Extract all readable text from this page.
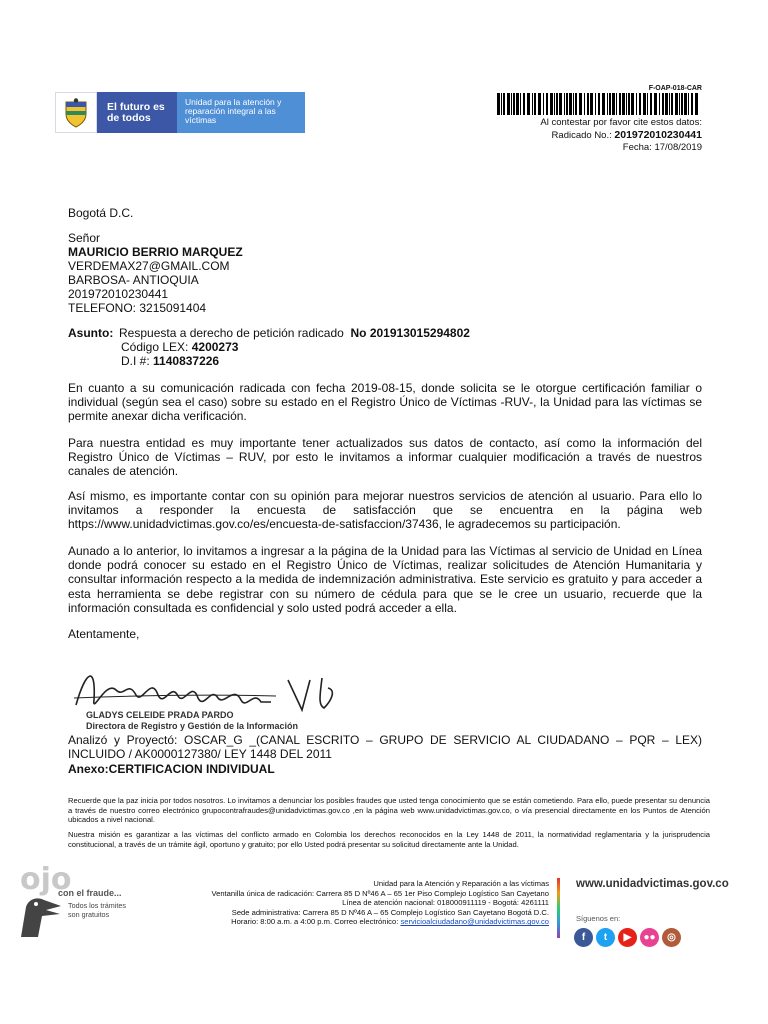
El futuro es de todos
Unidad para la atención y reparación integral a las víctimas
F-OAP-018-CAR
Al contestar por favor cite estos datos:
Radicado No.: 201972010230441
Fecha: 17/08/2019
Bogotá D.C.
Señor
MAURICIO BERRIO MARQUEZ
VERDEMAX27@GMAIL.COM
BARBOSA- ANTIOQUIA
201972010230441
TELEFONO: 3215091404
Asunto: Respuesta a derecho de petición radicado No 201913015294802
Código LEX: 4200273
D.I #: 1140837226
En cuanto a su comunicación radicada con fecha 2019-08-15, donde solicita se le otorgue certificación familiar o individual (según sea el caso) sobre su estado en el Registro Único de Víctimas -RUV-, la Unidad para las víctimas se permite anexar dicha verificación.
Para nuestra entidad es muy importante tener actualizados sus datos de contacto, así como la información del Registro Único de Víctimas – RUV, por esto le invitamos a informar cualquier modificación a través de nuestros canales de atención.
Así mismo, es importante contar con su opinión para mejorar nuestros servicios de atención al usuario. Para ello lo invitamos a responder la encuesta de satisfacción que se encuentra en la página web https://www.unidadvictimas.gov.co/es/encuesta-de-satisfaccion/37436, le agradecemos su participación.
Aunado a lo anterior, lo invitamos a ingresar a la página de la Unidad para las Víctimas al servicio de Unidad en Línea donde podrá conocer su estado en el Registro Único de Víctimas, realizar solicitudes de Atención Humanitaria y consultar información respecto a la medida de indemnización administrativa. Este servicio es gratuito y para acceder a esta herramienta se debe registrar con su número de cédula para que se le cree un usuario, recuerde que la información consultada es confidencial y solo usted podrá acceder a ella.
Atentamente,
GLADYS CELEIDE PRADA PARDO
Directora de Registro y Gestión de la Información
Analizó y Proyectó: OSCAR_G _(CANAL ESCRITO – GRUPO DE SERVICIO AL CIUDADANO – PQR – LEX) INCLUIDO / AK0000127380/ LEY 1448 DEL 2011
Anexo:CERTIFICACION INDIVIDUAL
Recuerde que la paz inicia por todos nosotros. Lo invitamos a denunciar los posibles fraudes que usted tenga conocimiento que se están cometiendo. Para ello, puede presentar su denuncia a través de nuestro correo electrónico grupocontrafraudes@unidadvictimas.gov.co ,en la página web www.unidadvictimas.gov.co, o vía presencial directamente en los Puntos de Atención ubicados a nivel nacional.
Nuestra misión es garantizar a las víctimas del conflicto armado en Colombia los derechos reconocidos en la Ley 1448 de 2011, la normatividad reglamentaria y la jurisprudencia constitucional, a través de un trámite ágil, oportuno y gratuito; por ello Usted podrá presentar su solicitud directamente ante la Unidad.
ojo
con el fraude...
Todos los trámites son gratuitos
Unidad para la Atención y Reparación a las víctimas
Ventanilla única de radicación: Carrera 85 D Nº46 A – 65 1er Piso Complejo Logístico San Cayetano
Línea de atención nacional: 018000911119 - Bogotá: 4261111
Sede administrativa: Carrera 85 D Nº46 A – 65 Complejo Logístico San Cayetano Bogotá D.C.
Horario: 8:00 a.m. a 4:00 p.m. Correo electrónico: servicioalciudadano@unidadvictimas.gov.co
www.unidadvictimas.gov.co
Síguenos en:
f	t	▶	●●	◎
